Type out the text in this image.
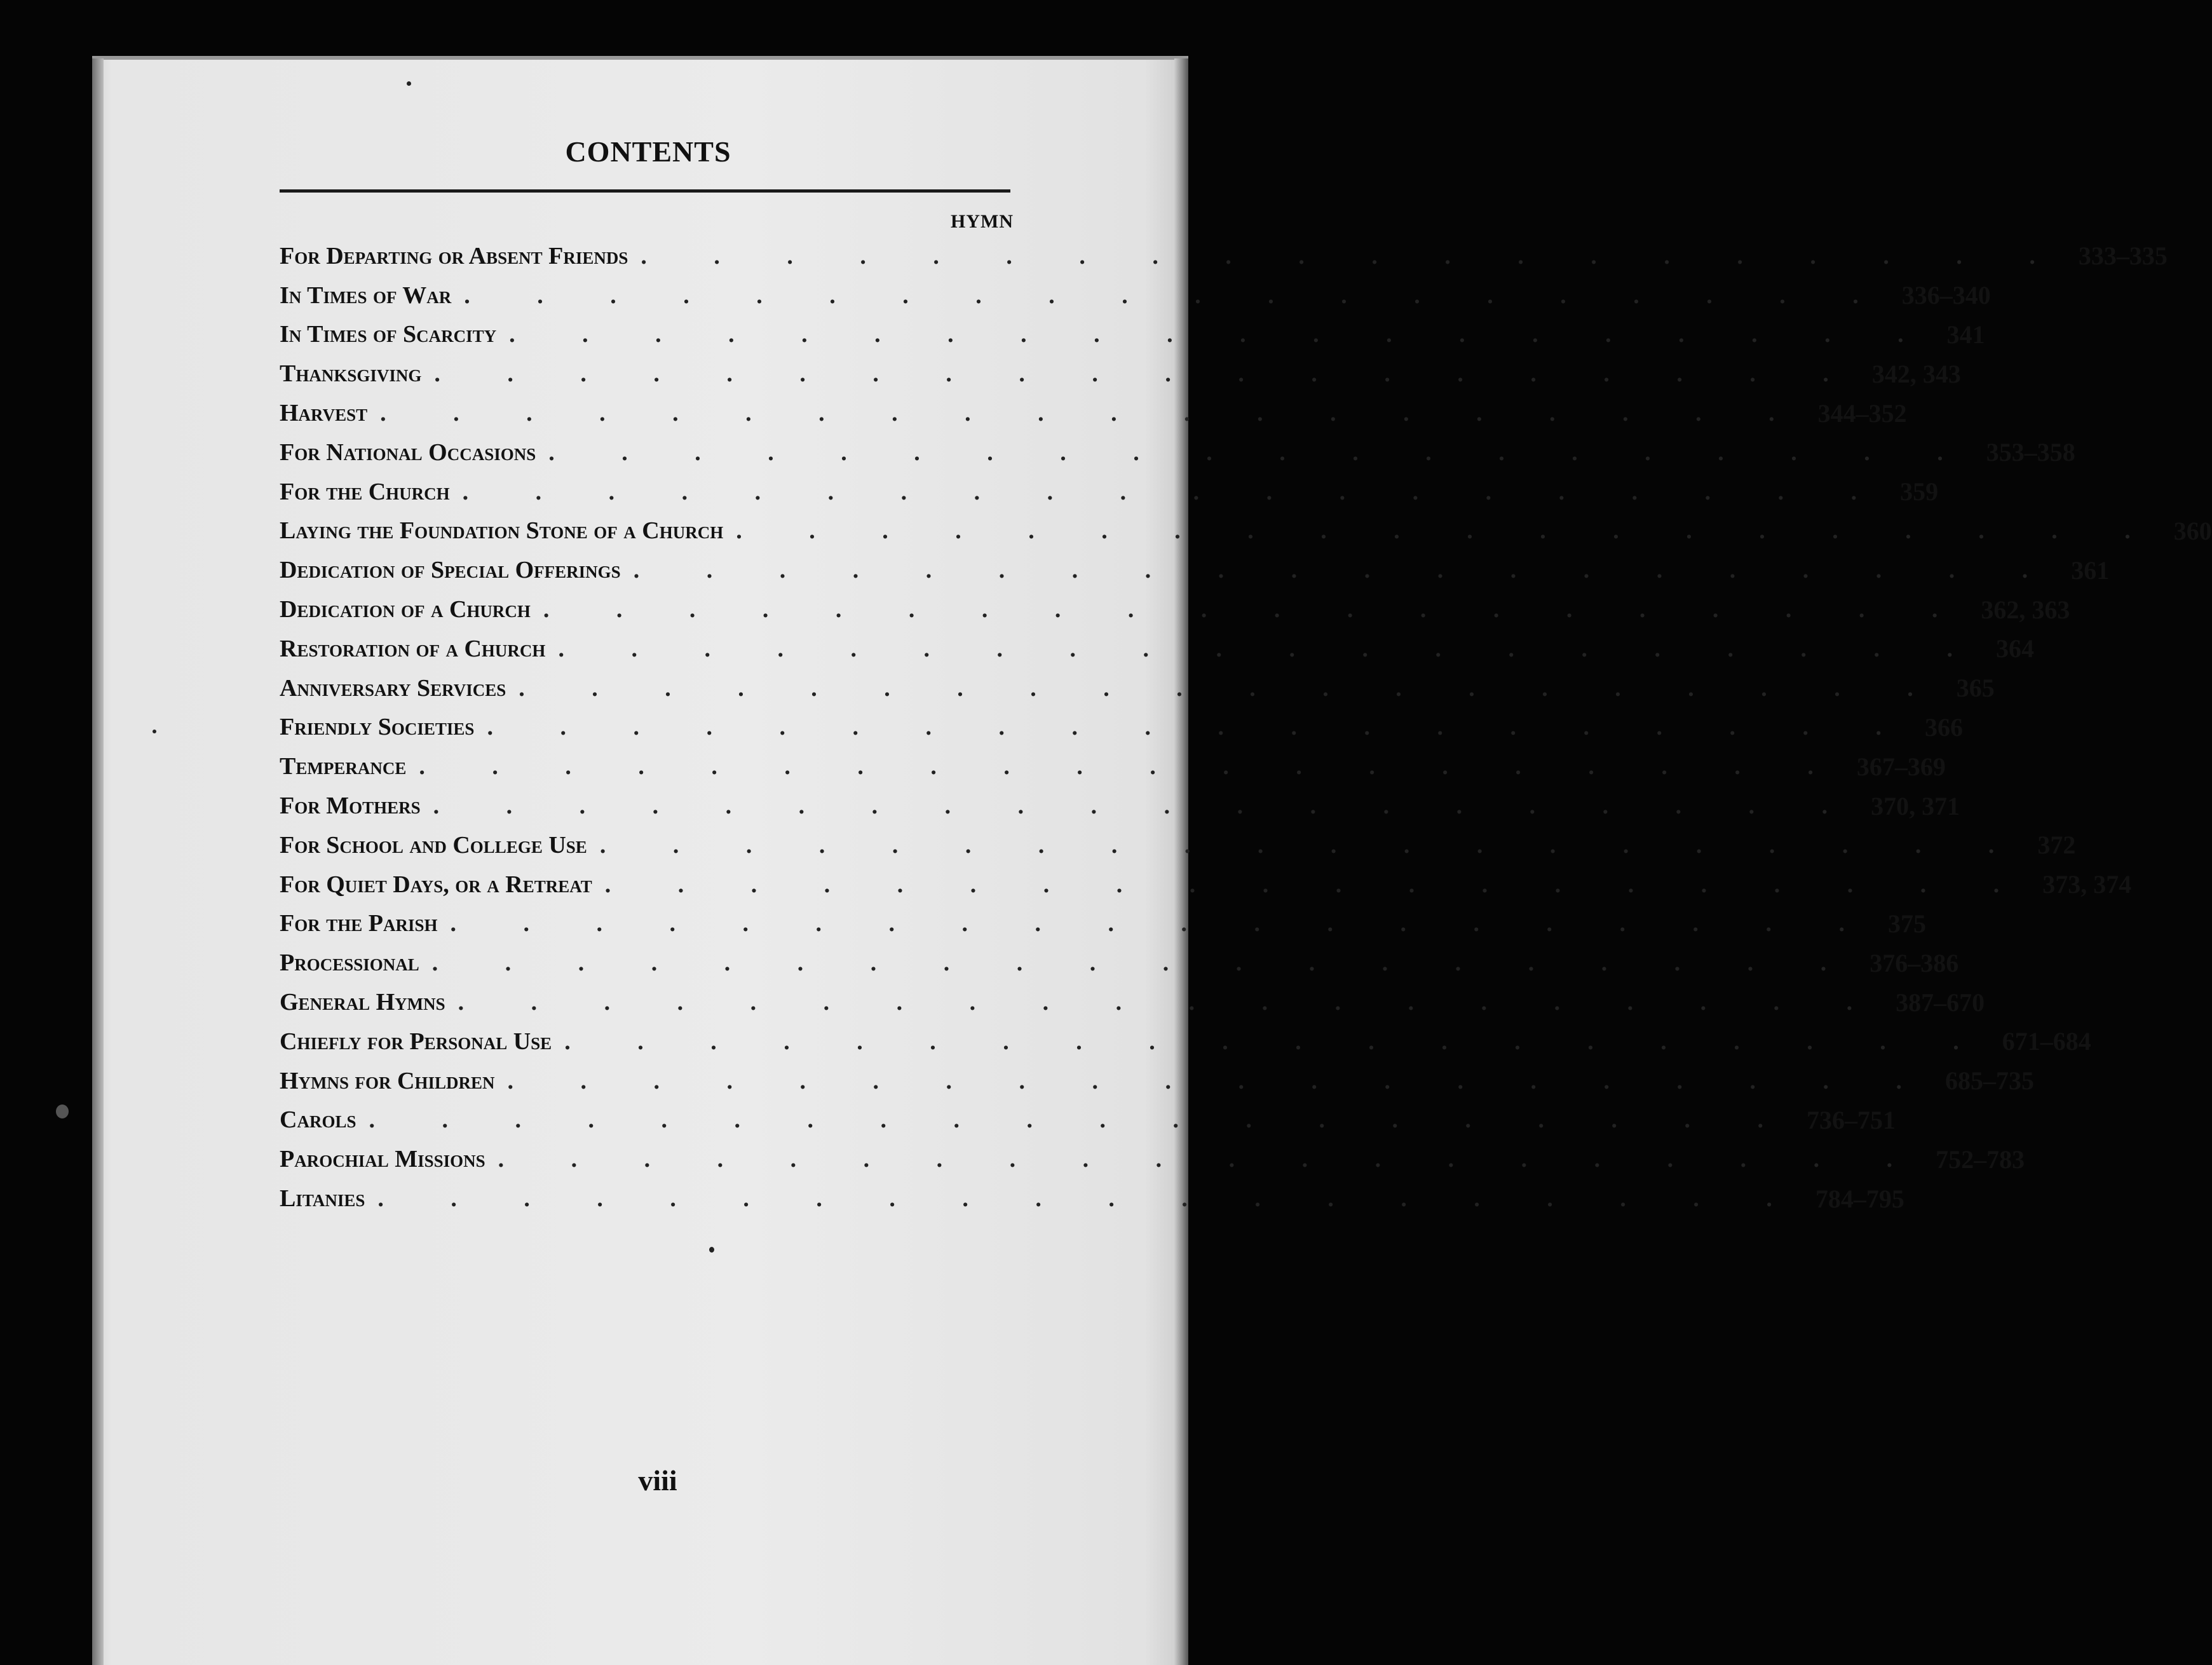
CONTENTS
HYMN
For Departing or Absent Friends . . . . . . . . . . . . . . . . . . . . 333–335
In Times of War . . . . . . . . . . . . . . . . . . . . 336–340
In Times of Scarcity . . . . . . . . . . . . . . . . . . . . 341
Thanksgiving . . . . . . . . . . . . . . . . . . . . 342, 343
Harvest . . . . . . . . . . . . . . . . . . . . 344–352
For National Occasions . . . . . . . . . . . . . . . . . . . . 353–358
For the Church . . . . . . . . . . . . . . . . . . . . 359
Laying the Foundation Stone of a Church . . . . . . . . . . . . . . . . . . . . 360
Dedication of Special Offerings . . . . . . . . . . . . . . . . . . . . 361
Dedication of a Church . . . . . . . . . . . . . . . . . . . . 362, 363
Restoration of a Church . . . . . . . . . . . . . . . . . . . . 364
Anniversary Services . . . . . . . . . . . . . . . . . . . . 365
Friendly Societies . . . . . . . . . . . . . . . . . . . . 366
Temperance . . . . . . . . . . . . . . . . . . . . 367–369
For Mothers . . . . . . . . . . . . . . . . . . . . 370, 371
For School and College Use . . . . . . . . . . . . . . . . . . . . 372
For Quiet Days, or a Retreat . . . . . . . . . . . . . . . . . . . . 373, 374
For the Parish . . . . . . . . . . . . . . . . . . . . 375
Processional . . . . . . . . . . . . . . . . . . . . 376–386
General Hymns . . . . . . . . . . . . . . . . . . . . 387–670
Chiefly for Personal Use . . . . . . . . . . . . . . . . . . . . 671–684
Hymns for Children . . . . . . . . . . . . . . . . . . . . 685–735
Carols . . . . . . . . . . . . . . . . . . . . 736–751
Parochial Missions . . . . . . . . . . . . . . . . . . . . 752–783
Litanies . . . . . . . . . . . . . . . . . . . . 784–795
viii
